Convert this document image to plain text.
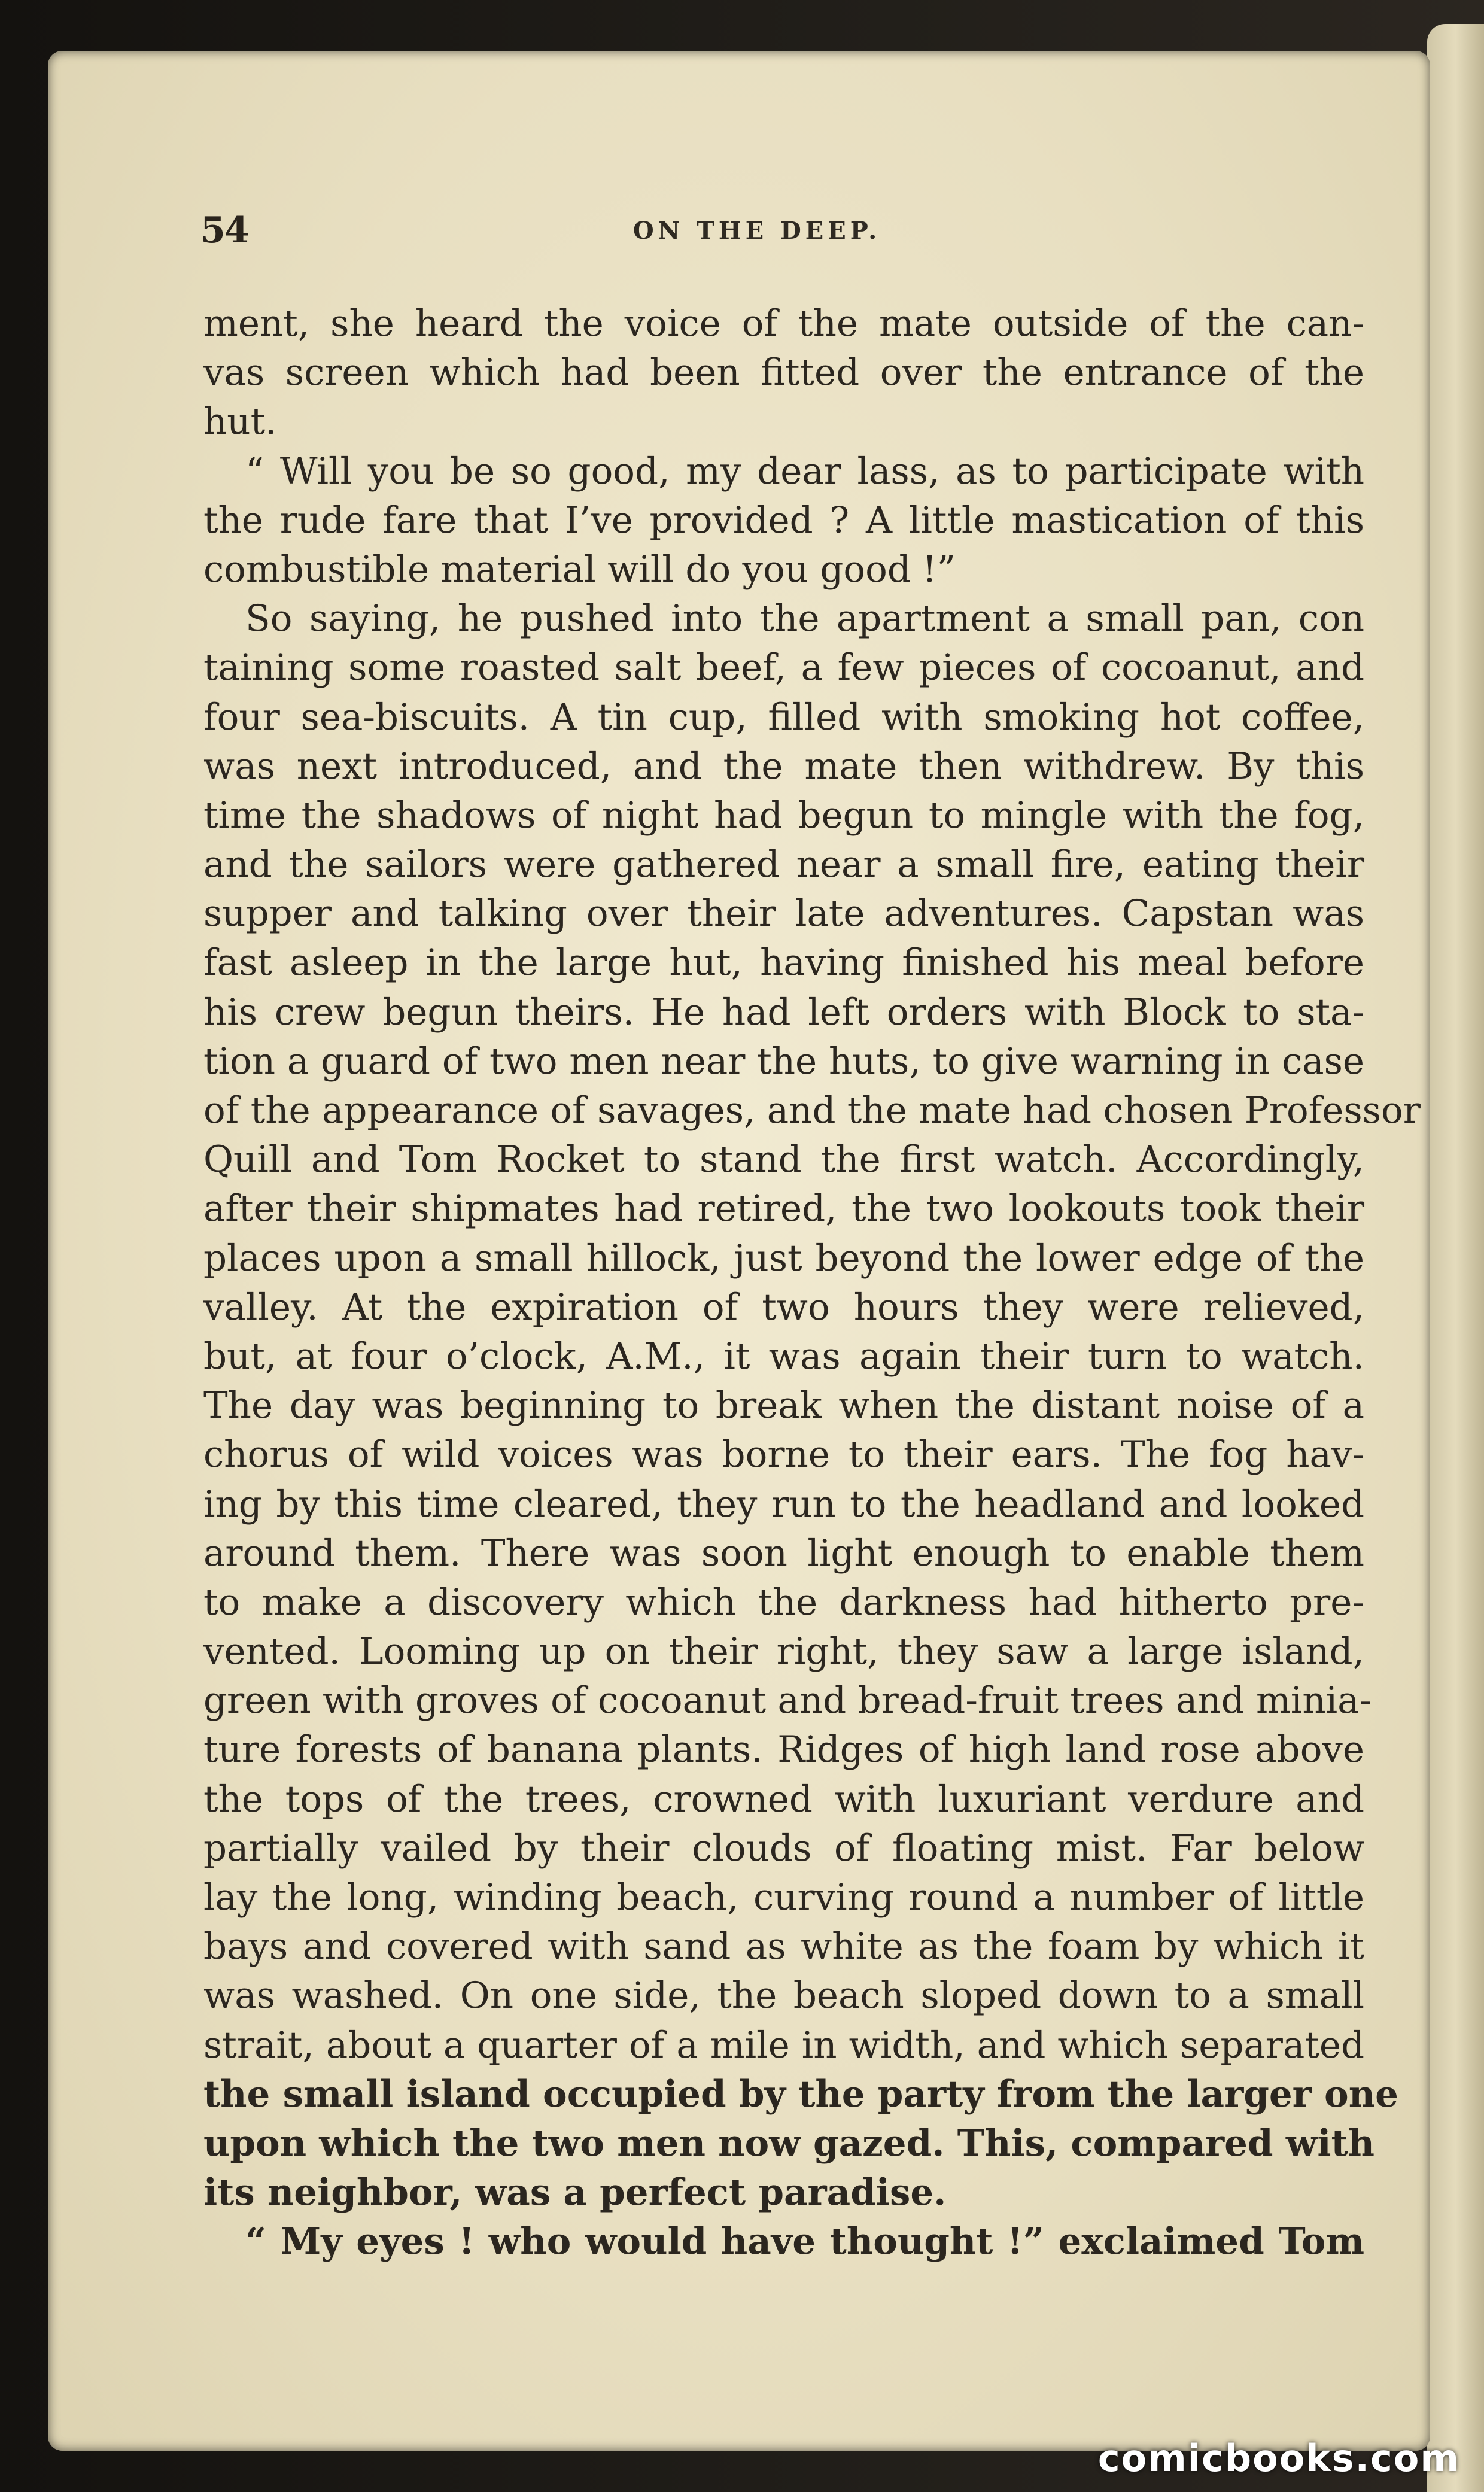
54	ON THE DEEP.
ment, she heard the voice of the mate outside of the can-
vas screen which had been fitted over the entrance of the
hut.
“ Will you be so good, my dear lass, as to participate with
the rude fare that I’ve provided ? A little mastication of this
combustible material will do you good !”
So saying, he pushed into the apartment a small pan, con
taining some roasted salt beef, a few pieces of cocoanut, and
four sea-biscuits. A tin cup, filled with smoking hot coffee,
was next introduced, and the mate then withdrew. By this
time the shadows of night had begun to mingle with the fog,
and the sailors were gathered near a small fire, eating their
supper and talking over their late adventures. Capstan was
fast asleep in the large hut, having finished his meal before
his crew begun theirs. He had left orders with Block to sta-
tion a guard of two men near the huts, to give warning in case
of the appearance of savages, and the mate had chosen Professor
Quill and Tom Rocket to stand the first watch. Accordingly,
after their shipmates had retired, the two lookouts took their
places upon a small hillock, just beyond the lower edge of the
valley. At the expiration of two hours they were relieved,
but, at four o’clock, A.M., it was again their turn to watch.
The day was beginning to break when the distant noise of a
chorus of wild voices was borne to their ears. The fog hav-
ing by this time cleared, they run to the headland and looked
around them. There was soon light enough to enable them
to make a discovery which the darkness had hitherto pre-
vented. Looming up on their right, they saw a large island,
green with groves of cocoanut and bread-fruit trees and minia-
ture forests of banana plants. Ridges of high land rose above
the tops of the trees, crowned with luxuriant verdure and
partially vailed by their clouds of floating mist. Far below
lay the long, winding beach, curving round a number of little
bays and covered with sand as white as the foam by which it
was washed. On one side, the beach sloped down to a small
strait, about a quarter of a mile in width, and which separated
the small island occupied by the party from the larger one
upon which the two men now gazed. This, compared with
its neighbor, was a perfect paradise.
“ My eyes ! who would have thought !” exclaimed Tom
comicbooks.com
